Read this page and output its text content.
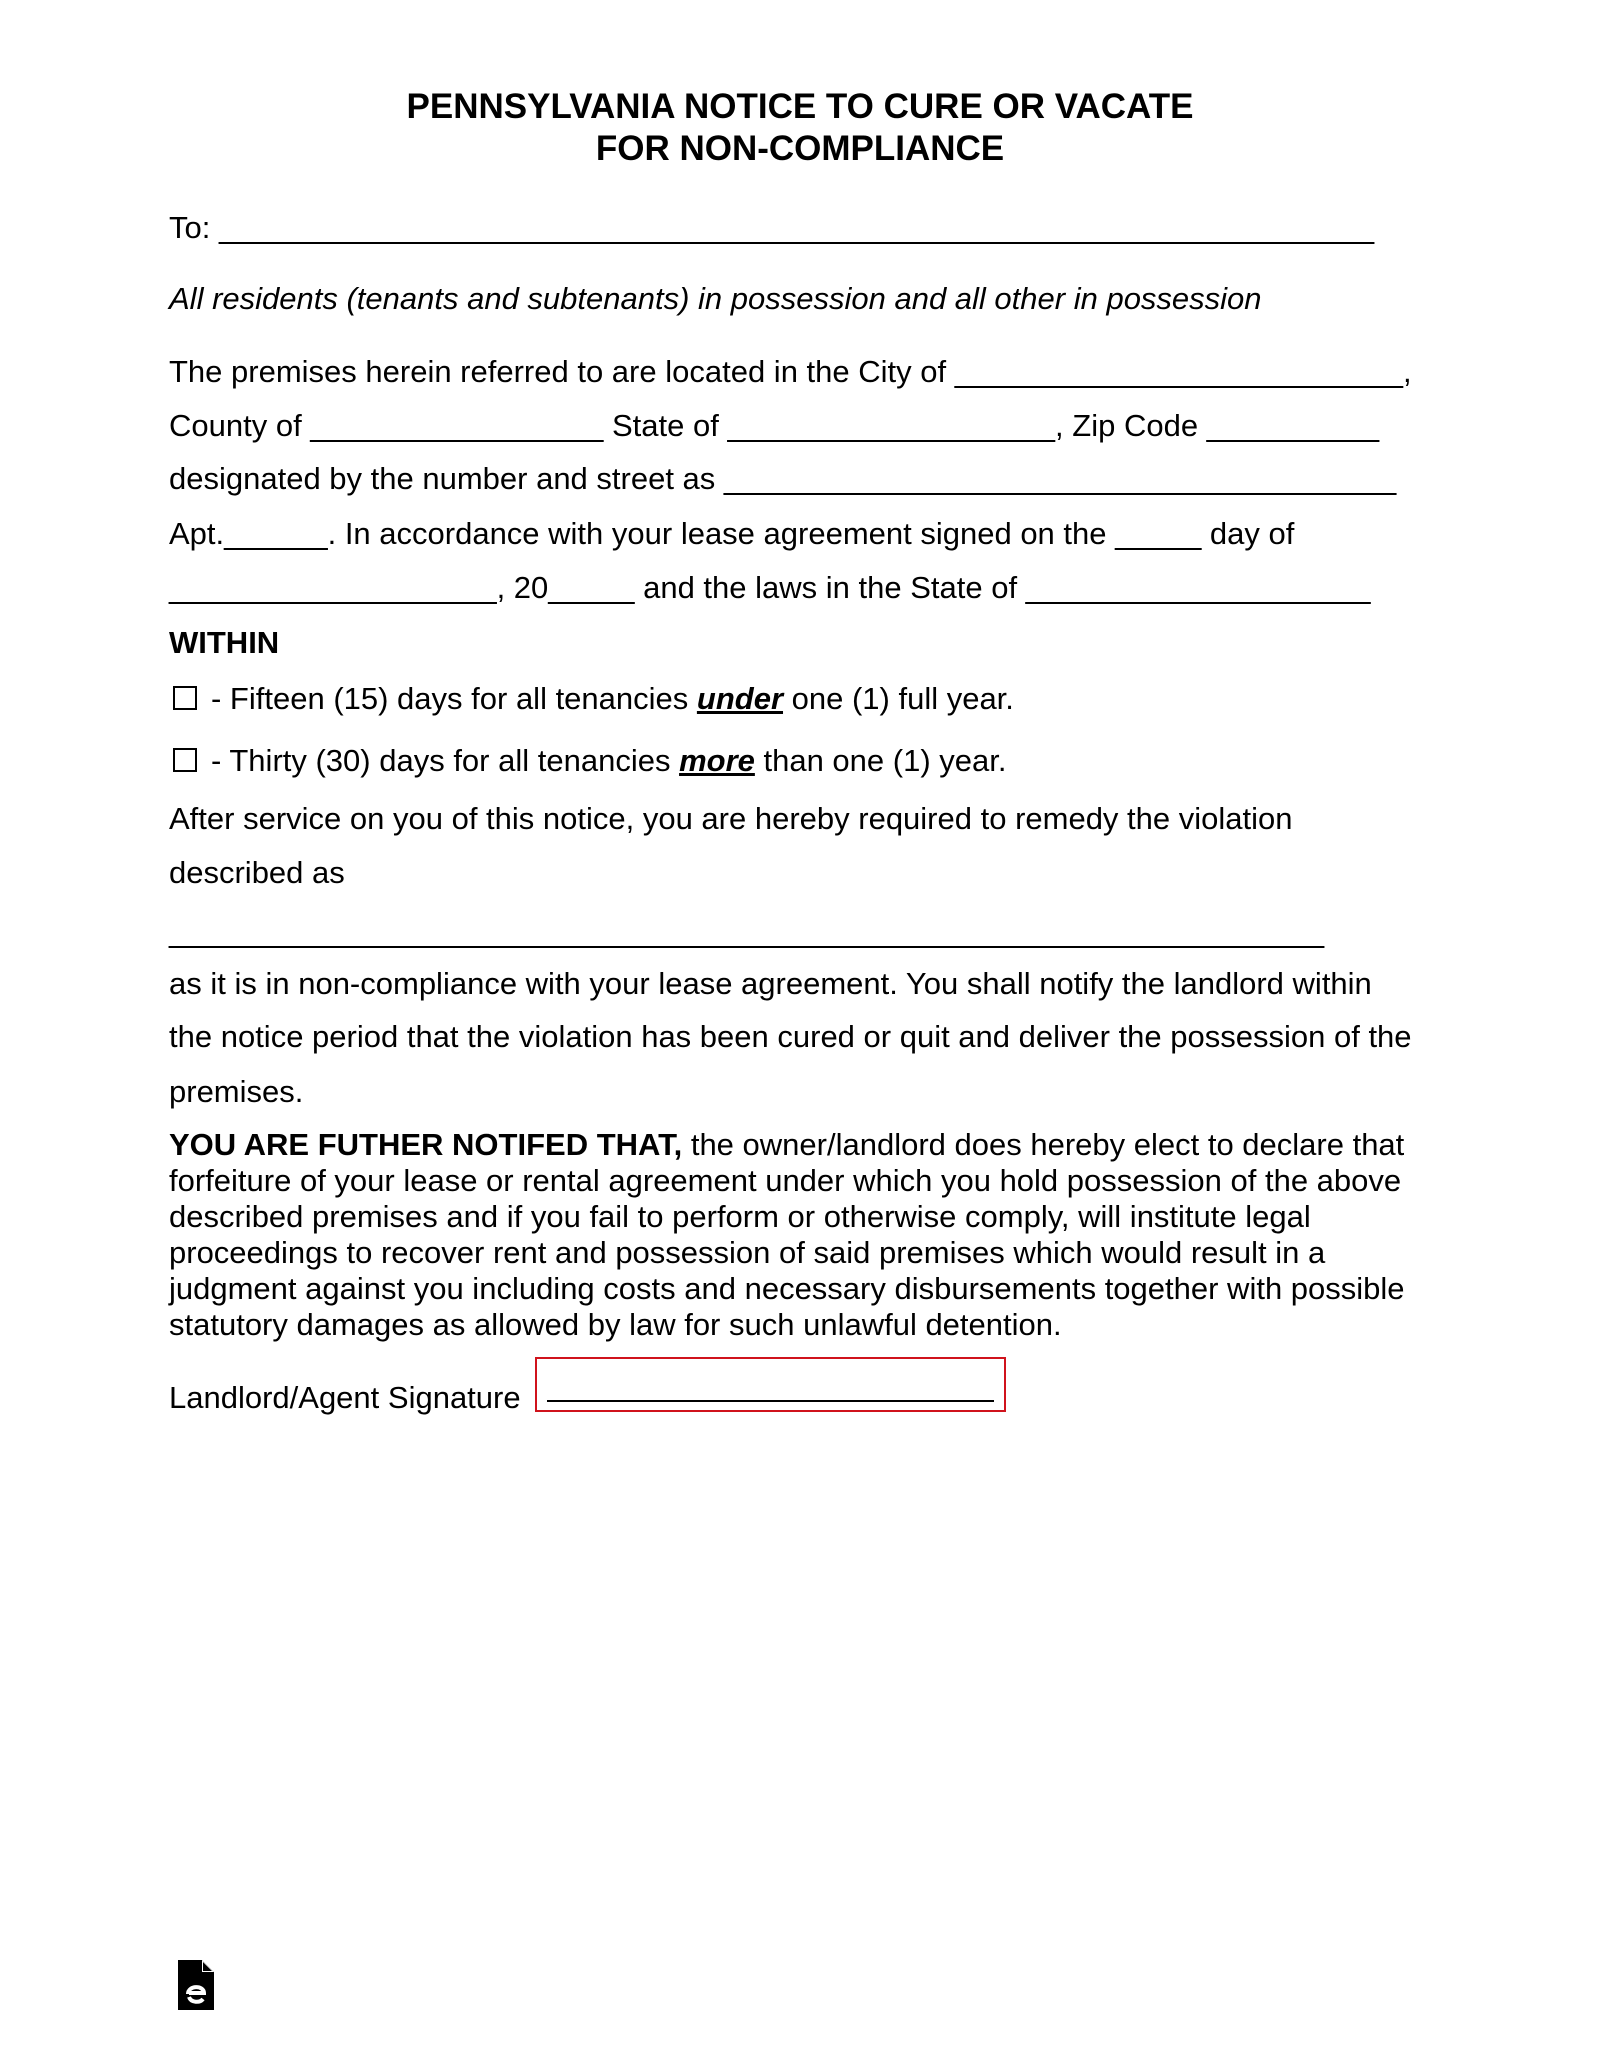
PENNSYLVANIA NOTICE TO CURE OR VACATE
FOR NON-COMPLIANCE
To: ___________________________________________________________________
All residents (tenants and subtenants) in possession and all other in possession
The premises herein referred to are located in the City of __________________________,
County of _________________ State of ___________________, Zip Code __________
designated by the number and street as _______________________________________
Apt.______. In accordance with your lease agreement signed on the _____ day of
___________________, 20_____ and the laws in the State of ____________________
WITHIN
- Fifteen (15) days for all tenancies under one (1) full year.
- Thirty (30) days for all tenancies more than one (1) year.
After service on you of this notice, you are hereby required to remedy the violation
described as
___________________________________________________________________
as it is in non-compliance with your lease agreement. You shall notify the landlord within
the notice period that the violation has been cured or quit and deliver the possession of the
premises.
YOU ARE FUTHER NOTIFED THAT, the owner/landlord does hereby elect to declare that forfeiture of your lease or rental agreement under which you hold possession of the above described premises and if you fail to perform or otherwise comply, will institute legal proceedings to recover rent and possession of said premises which would result in a judgment against you including costs and necessary disbursements together with possible statutory damages as allowed by law for such unlawful detention.
Landlord/Agent Signature
